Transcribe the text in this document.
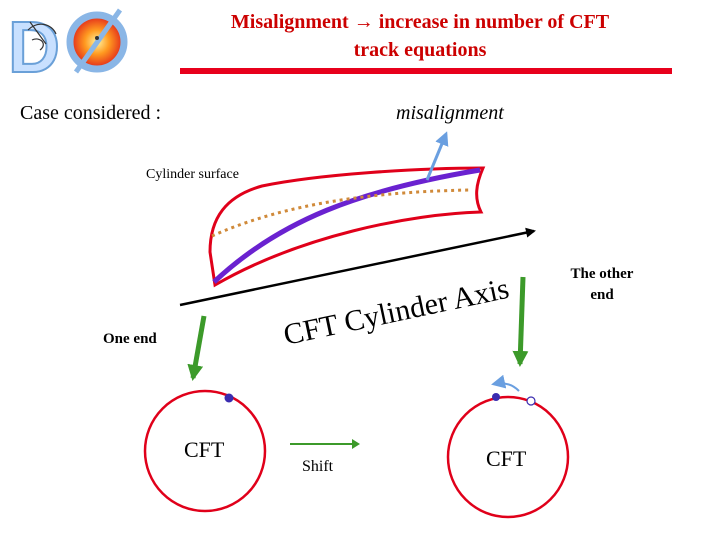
Misalignment → increase in number of CFT
track equations
Case considered :	misalignment
Cylinder surface
The other
end
One end
CFT	CFT
Shift
D
CFT Cylinder Axis
